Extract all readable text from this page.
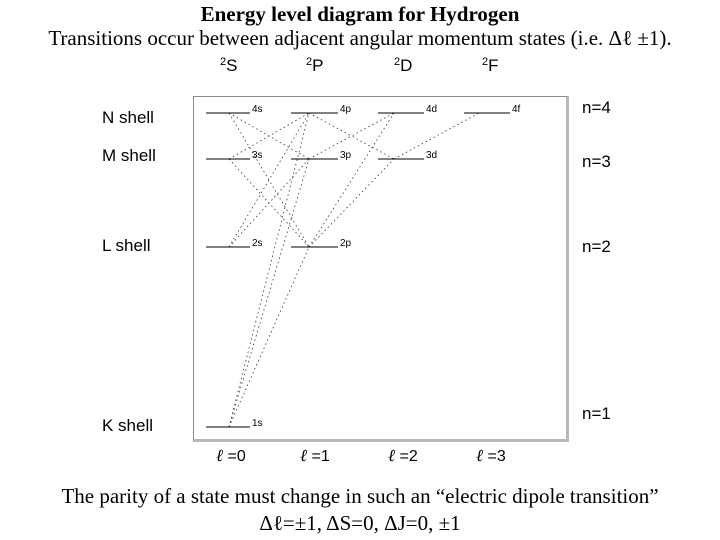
Energy level diagram for Hydrogen
Transitions occur between adjacent angular momentum states (i.e. Δℓ ±1).
$^2$S	$^2$P	$^2$D	$^2$F
N shell
M shell
L shell
K shell
n=4
n=3
n=2
n=1
4s	4p	4d	4f
3s	3p	3d
2s	2p
1s
ℓ =0	ℓ =1	ℓ =2	ℓ =3
The parity of a state must change in such an “electric dipole transition”
Δℓ=±1, ΔS=0, ΔJ=0, ±1
